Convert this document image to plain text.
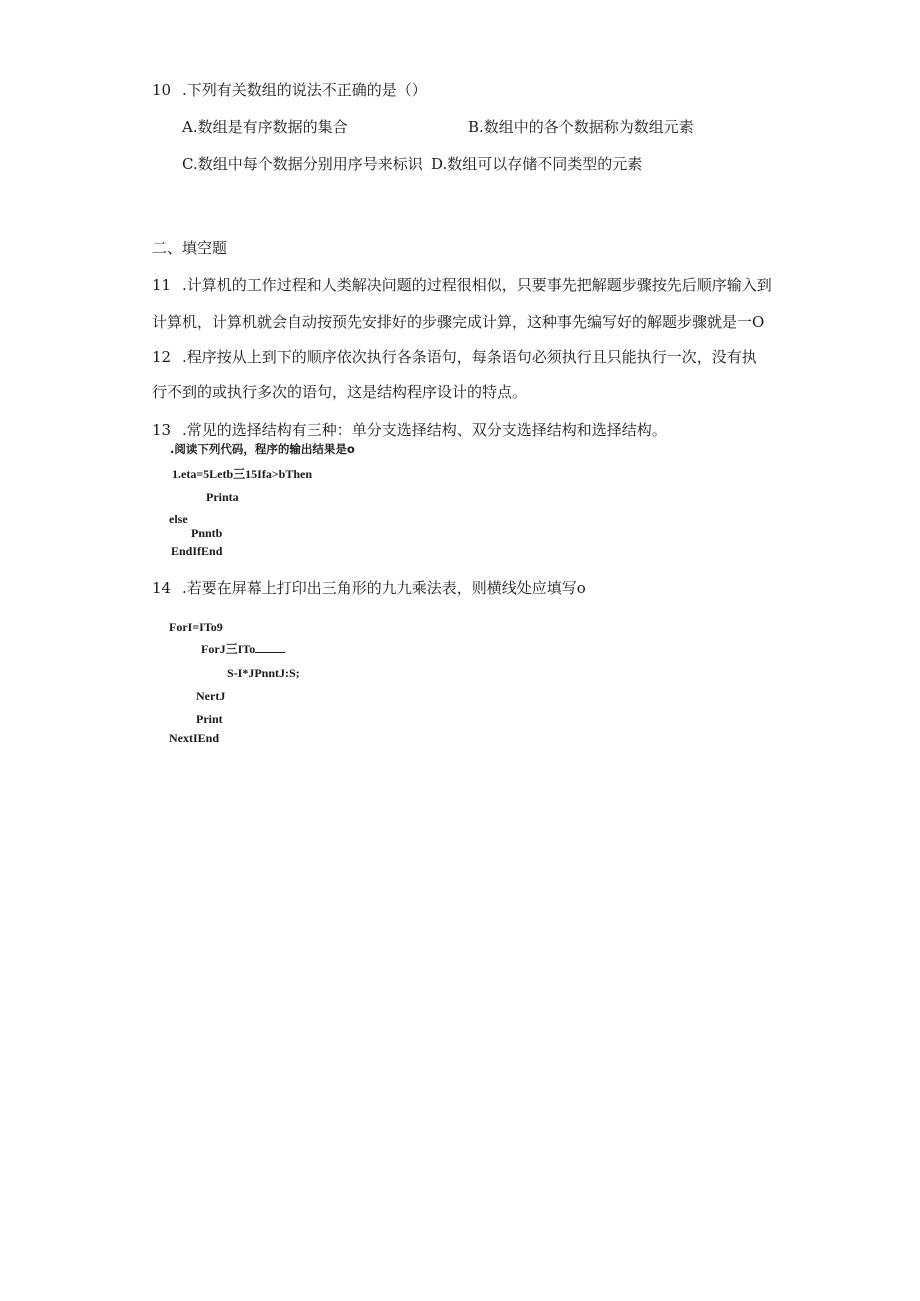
10 .下列有关数组的说法不正确的是（）
A.数组是有序数据的集合	B.数组中的各个数据称为数组元素
C.数组中每个数据分别用序号来标识 D.数组可以存储不同类型的元素
二、填空题
11 .计算机的工作过程和人类解决问题的过程很相似，只要事先把解题步骤按先后顺序输入到
计算机，计算机就会自动按预先安排好的步骤完成计算，这种事先编写好的解题步骤就是一O
12 .程序按从上到下的顺序依次执行各条语句，每条语句必须执行且只能执行一次，没有执
行不到的或执行多次的语句，这是结构程序设计的特点。
13 .常见的选择结构有三种：单分支选择结构、双分支选择结构和选择结构。
.阅读下列代码，程序的输出结果是o
1.eta=5Letb三15Ifa>bThen
Printa
else
Pnntb
EndIfEnd
14 .若要在屏幕上打印出三角形的九九乘法表，则横线处应填写o
ForI=ITo9
ForJ三ITo
S-I*JPnntJ:S;
NertJ
Print
NextIEnd
